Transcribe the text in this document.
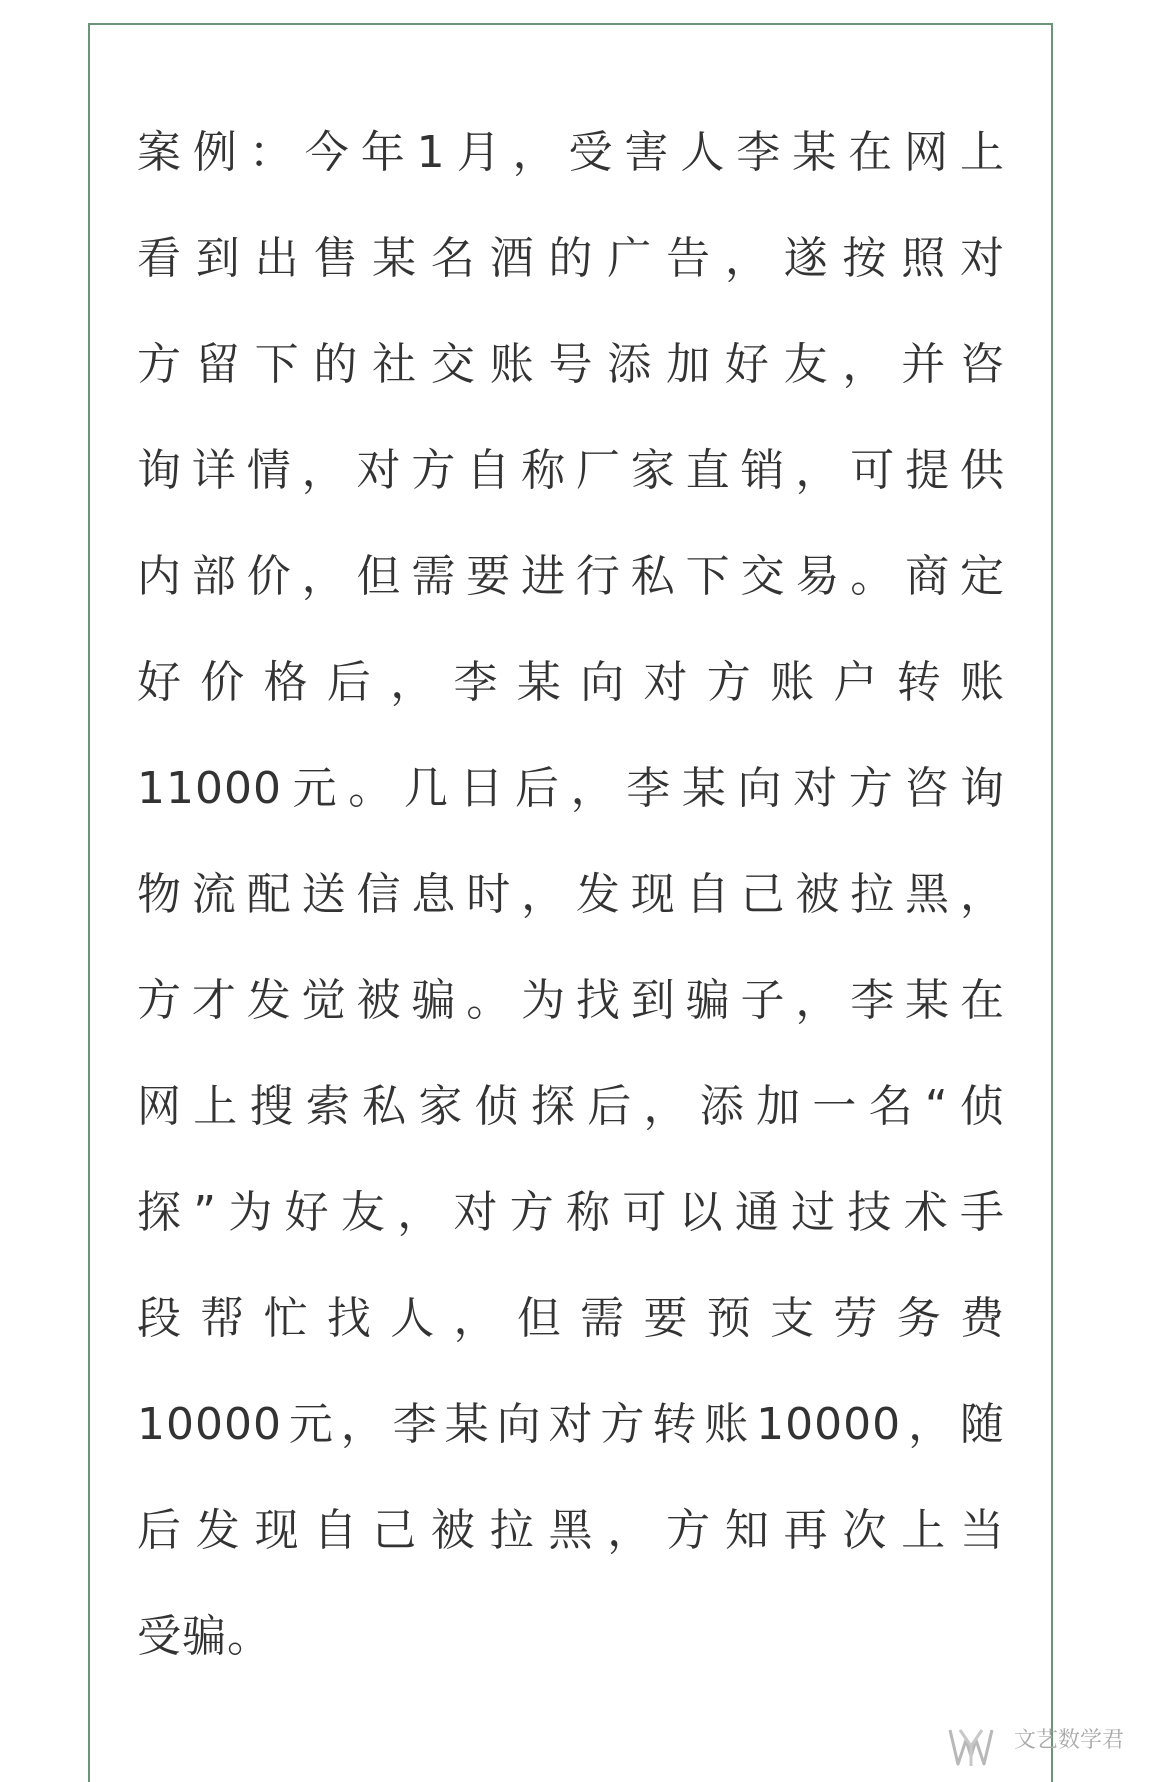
案例：今年1月，受害人李某在网上
看到出售某名酒的广告，遂按照对
方留下的社交账号添加好友，并咨
询详情，对方自称厂家直销，可提供
内部价，但需要进行私下交易。商定
好价格后，李某向对方账户转账
11000元。几日后，李某向对方咨询
物流配送信息时，发现自己被拉黑，
方才发觉被骗。为找到骗子，李某在
网上搜索私家侦探后，添加一名“侦
探”为好友，对方称可以通过技术手
段帮忙找人，但需要预支劳务费
10000元，李某向对方转账10000，随
后发现自己被拉黑，方知再次上当
受骗。
文艺数学君
